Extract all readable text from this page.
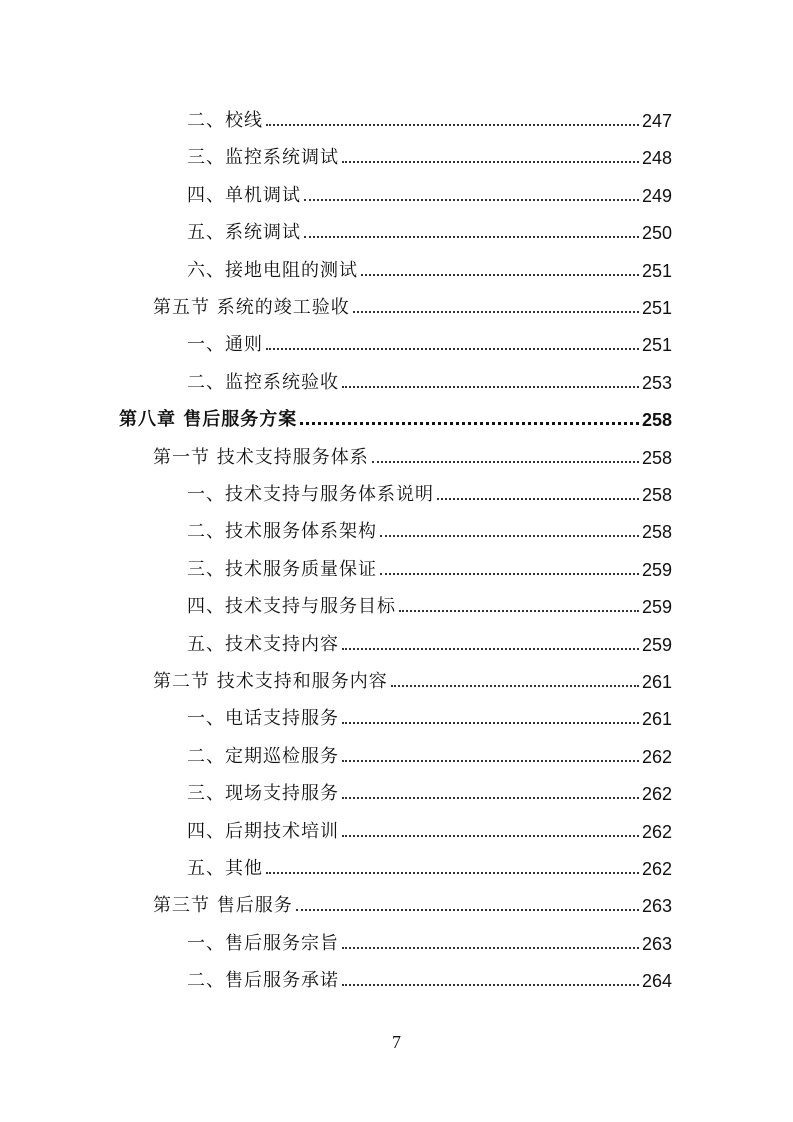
二、校线	247
三、监控系统调试	248
四、单机调试	249
五、系统调试	250
六、接地电阻的测试	251
第五节 系统的竣工验收	251
一、通则	251
二、监控系统验收	253
第八章 售后服务方案	258
第一节 技术支持服务体系	258
一、技术支持与服务体系说明	258
二、技术服务体系架构	258
三、技术服务质量保证	259
四、技术支持与服务目标	259
五、技术支持内容	259
第二节 技术支持和服务内容	261
一、电话支持服务	261
二、定期巡检服务	262
三、现场支持服务	262
四、后期技术培训	262
五、其他	262
第三节 售后服务	263
一、售后服务宗旨	263
二、售后服务承诺	264
7
